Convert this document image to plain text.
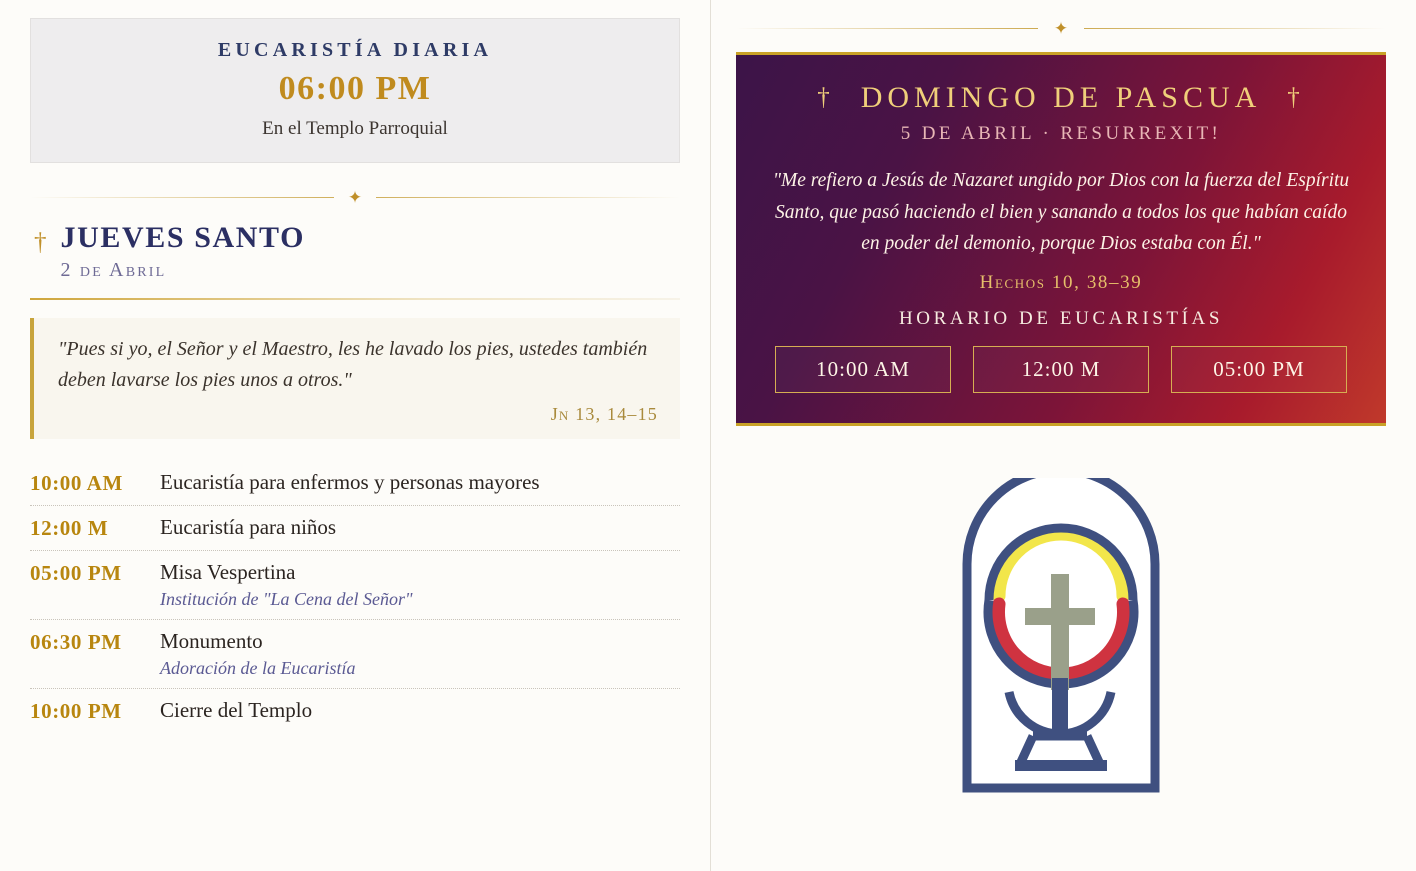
EUCARISTÍA DIARIA
06:00 PM
En el Templo Parroquial
✦
† JUEVES SANTO
2 de Abril
"Pues si yo, el Señor y el Maestro, les he lavado los pies, ustedes también deben lavarse los pies unos a otros."
Jn 13, 14–15
10:00 AM	Eucaristía para enfermos y personas mayores
12:00 M	Eucaristía para niños
05:00 PM	Misa Vespertina
Institución de "La Cena del Señor"
06:30 PM	Monumento
Adoración de la Eucaristía
10:00 PM	Cierre del Templo
✦
† DOMINGO DE PASCUA †
5 DE ABRIL · RESURREXIT!
"Me refiero a Jesús de Nazaret ungido por Dios con la fuerza del Espíritu Santo, que pasó haciendo el bien y sanando a todos los que habían caído en poder del demonio, porque Dios estaba con Él."
Hechos 10, 38–39
HORARIO DE EUCARISTÍAS
10:00 AM	12:00 M	05:00 PM
